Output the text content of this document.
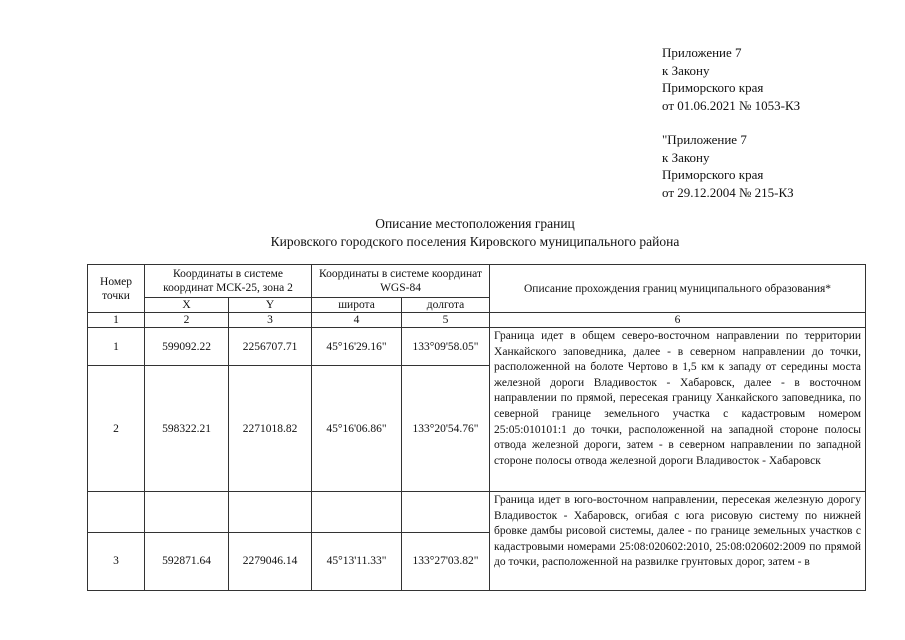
Приложение 7
к Закону
Приморского края
от 01.06.2021 № 1053-КЗ
"Приложение 7
к Закону
Приморского края
от 29.12.2004 № 215-КЗ
Описание местоположения границ
Кировского городского поселения Кировского муниципального района
Номер точки	Координаты в системе координат МСК-25, зона 2		Координаты в системе координат WGS-84		Описание прохождения границ муниципального образования*
	X	Y	широта	долгота	
1	2	3	4	5	6
1	599092.22	2256707.71	45°16'29.16"	133°09'58.05"	Граница идет в общем северо-восточном направлении по территории Ханкайского заповедника, далее - в северном направлении до точки, расположенной на болоте Чертово в 1,5 км к западу от середины моста железной дороги Владивосток - Хабаровск, далее - в восточном направлении по прямой, пересекая границу Ханкайского заповедника, по северной границе земельного участка с кадастровым номером 25:05:010101:1 до точки, расположенной на западной стороне полосы отвода железной дороги, затем - в северном направлении по западной стороне полосы отвода железной дороги Владивосток - Хабаровск
2	598322.21	2271018.82	45°16'06.86"	133°20'54.76"	

					Граница идет в юго-восточном направлении, пересекая железную дорогу Владивосток - Хабаровск, огибая с юга рисовую систему по нижней бровке дамбы рисовой системы, далее - по границе земельных участков с кадастровыми номерами 25:08:020602:2010, 25:08:020602:2009 по прямой до точки, расположенной на развилке грунтовых дорог, затем - в

3	592871.64	2279046.14	45°13'11.33"	133°27'03.82"	
